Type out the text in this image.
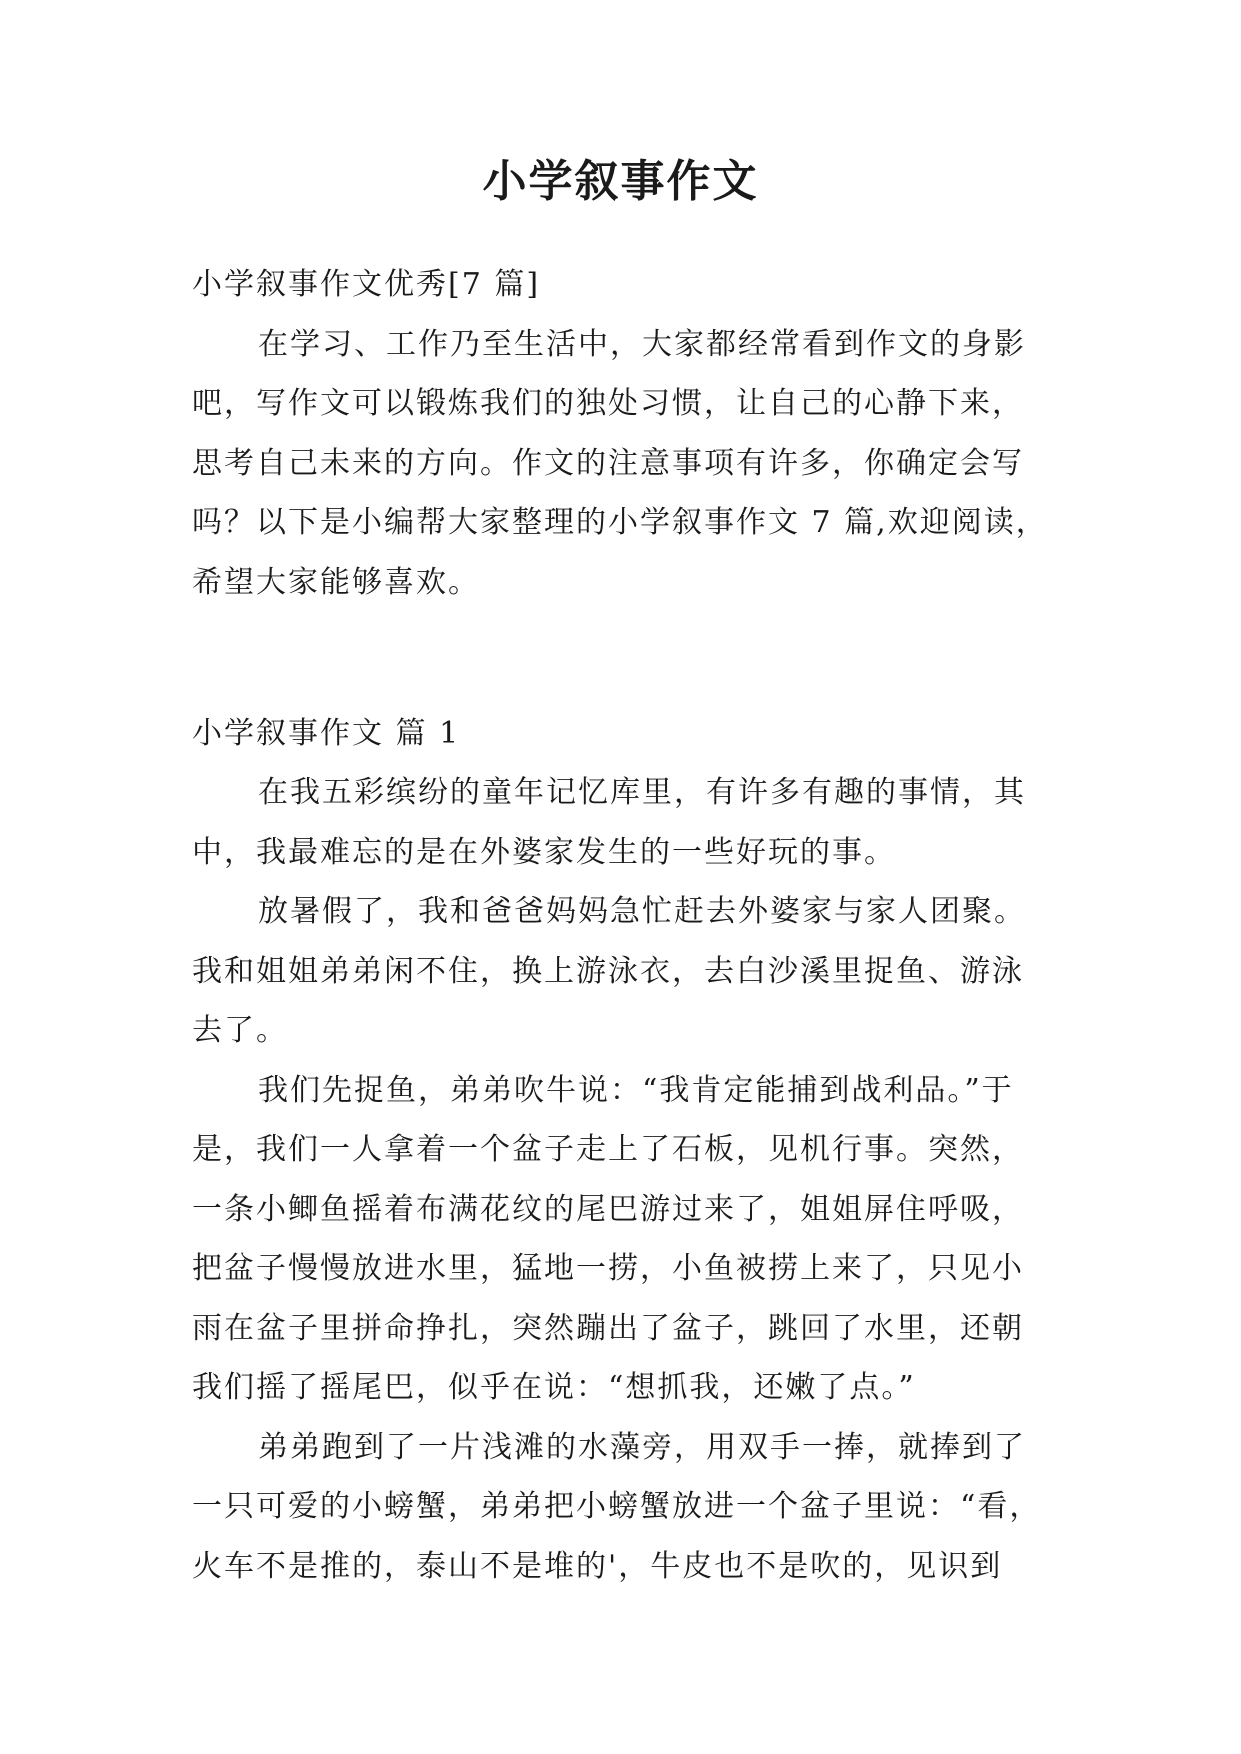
小学叙事作文

小学叙事作文优秀[7 篇]

在学习、工作乃至生活中，大家都经常看到作文的身影

吧，写作文可以锻炼我们的独处习惯，让自己的心静下来，

思考自己未来的方向。作文的注意事项有许多，你确定会写

吗？以下是小编帮大家整理的小学叙事作文 7 篇,欢迎阅读，

希望大家能够喜欢。

小学叙事作文 篇 1

在我五彩缤纷的童年记忆库里，有许多有趣的事情，其

中，我最难忘的是在外婆家发生的一些好玩的事。

放暑假了，我和爸爸妈妈急忙赶去外婆家与家人团聚。

我和姐姐弟弟闲不住，换上游泳衣，去白沙溪里捉鱼、游泳

去了。

我们先捉鱼，弟弟吹牛说：“我肯定能捕到战利品。”于

是，我们一人拿着一个盆子走上了石板，见机行事。突然，

一条小鲫鱼摇着布满花纹的尾巴游过来了，姐姐屏住呼吸，

把盆子慢慢放进水里，猛地一捞，小鱼被捞上来了，只见小

雨在盆子里拼命挣扎，突然蹦出了盆子，跳回了水里，还朝

我们摇了摇尾巴，似乎在说：“想抓我，还嫩了点。”

弟弟跑到了一片浅滩的水藻旁，用双手一捧，就捧到了

一只可爱的小螃蟹，弟弟把小螃蟹放进一个盆子里说：“看，

火车不是推的，泰山不是堆的'，牛皮也不是吹的，见识到
